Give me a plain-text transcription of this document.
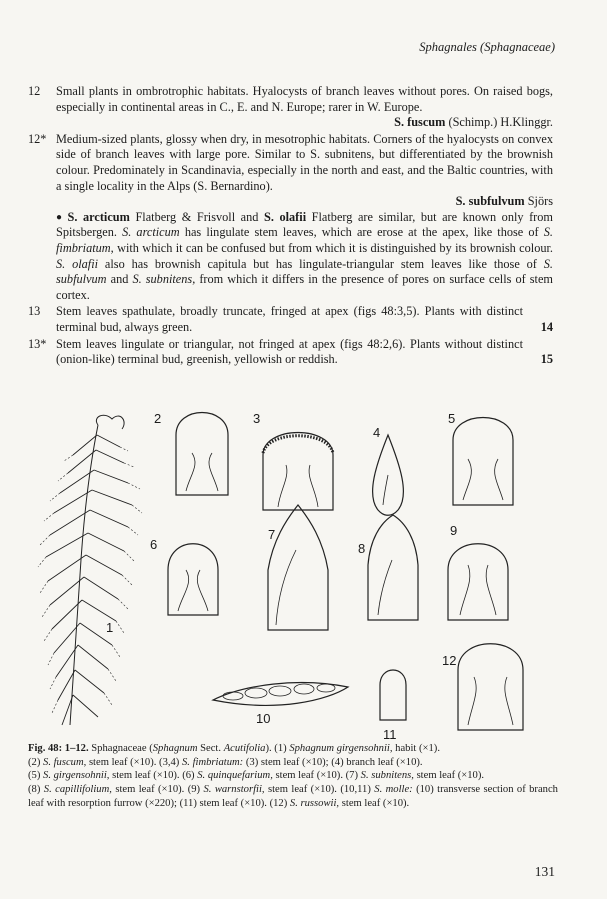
Sphagnales (Sphagnaceae)
12 Small plants in ombrotrophic habitats. Hyalocysts of branch leaves without pores. On raised bogs, especially in continental areas in C., E. and N. Europe; rarer in W. Europe.
S. fuscum (Schimp.) H.Klinggr.
12* Medium-sized plants, glossy when dry, in mesotrophic habitats. Corners of the hyalocysts on convex side of branch leaves with large pore. Similar to S. subnitens, but differentiated by the brownish colour. Predominately in Scandinavia, especially in the north and east, and the Baltic countries, with a single locality in the Alps (S. Bernardino).
S. subfulvum Sjörs
● S. arcticum Flatberg & Frisvoll and S. olafii Flatberg are similar, but are known only from Spitsbergen. S. arcticum has lingulate stem leaves, which are erose at the apex, like those of S. fimbriatum, with which it can be confused but from which it is distinguished by its brownish colour. S. olafii also has brownish capitula but has lingulate-triangular stem leaves like those of S. subfulvum and S. subnitens, from which it differs in the presence of pores on surface cells of stem cortex.
13 Stem leaves spathulate, broadly truncate, fringed at apex (figs 48:3,5). Plants with distinct terminal bud, always green.	14
13* Stem leaves lingulate or triangular, not fringed at apex (figs 48:2,6). Plants without distinct (onion-like) terminal bud, greenish, yellowish or reddish.	15
1
2	3
4
5
6
7
8
9
10
11
12
Fig. 48: 1–12. Sphagnaceae (Sphagnum Sect. Acutifolia). (1) Sphagnum girgensohnii, habit (×1).
(2) S. fuscum, stem leaf (×10). (3,4) S. fimbriatum: (3) stem leaf (×10); (4) branch leaf (×10).
(5) S. girgensohnii, stem leaf (×10). (6) S. quinquefarium, stem leaf (×10). (7) S. subnitens, stem leaf (×10).
(8) S. capillifolium, stem leaf (×10). (9) S. warnstorfii, stem leaf (×10). (10,11) S. molle: (10) transverse section of branch leaf with resorption furrow (×220); (11) stem leaf (×10). (12) S. russowii, stem leaf (×10).
131
